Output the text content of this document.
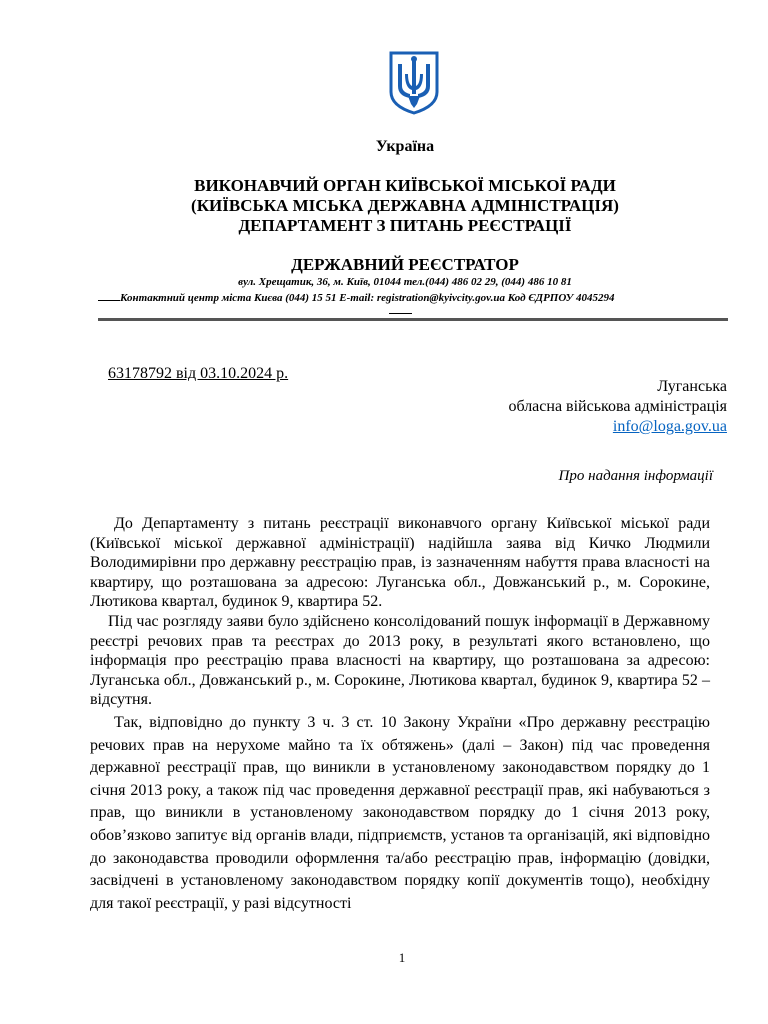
Україна
ВИКОНАВЧИЙ ОРГАН КИЇВСЬКОЇ МІСЬКОЇ РАДИ (КИЇВСЬКА МІСЬКА ДЕРЖАВНА АДМІНІСТРАЦІЯ) ДЕПАРТАМЕНТ З ПИТАНЬ РЕЄСТРАЦІЇ
ДЕРЖАВНИЙ РЕЄСТРАТОР
вул. Хрещатик, 36, м. Київ, 01044 тел.(044) 486 02 29, (044) 486 10 81
Контактний центр міста Києва (044) 15 51 E-mail: registration@kyivcity.gov.ua Код ЄДРПОУ 4045294
63178792 від 03.10.2024 р.
Луганська
обласна військова адміністрація
info@loga.gov.ua
Про надання інформації
До Департаменту з питань реєстрації виконавчого органу Київської міської ради (Київської міської державної адміністрації) надійшла заява від Кичко Людмили Володимирівни про державну реєстрацію прав, із зазначенням набуття права власності на квартиру, що розташована за адресою: Луганська обл., Довжанський р., м. Сорокине, Лютикова квартал, будинок 9, квартира 52.
Під час розгляду заяви було здійснено консолідований пошук інформації в Державному реєстрі речових прав та реєстрах до 2013 року, в результаті якого встановлено, що інформація про реєстрацію права власності на квартиру, що розташована за адресою: Луганська обл., Довжанський р., м. Сорокине, Лютикова квартал, будинок 9, квартира 52 – відсутня.
Так, відповідно до пункту 3 ч. 3 ст. 10 Закону України «Про державну реєстрацію речових прав на нерухоме майно та їх обтяжень» (далі – Закон) під час проведення державної реєстрації прав, що виникли в установленому законодавством порядку до 1 січня 2013 року, а також під час проведення державної реєстрації прав, які набуваються з прав, що виникли в установленому законодавством порядку до 1 січня 2013 року, обов’язково запитує від органів влади, підприємств, установ та організацій, які відповідно до законодавства проводили оформлення та/або реєстрацію прав, інформацію (довідки, засвідчені в установленому законодавством порядку копії документів тощо), необхідну для такої реєстрації, у разі відсутності
1
